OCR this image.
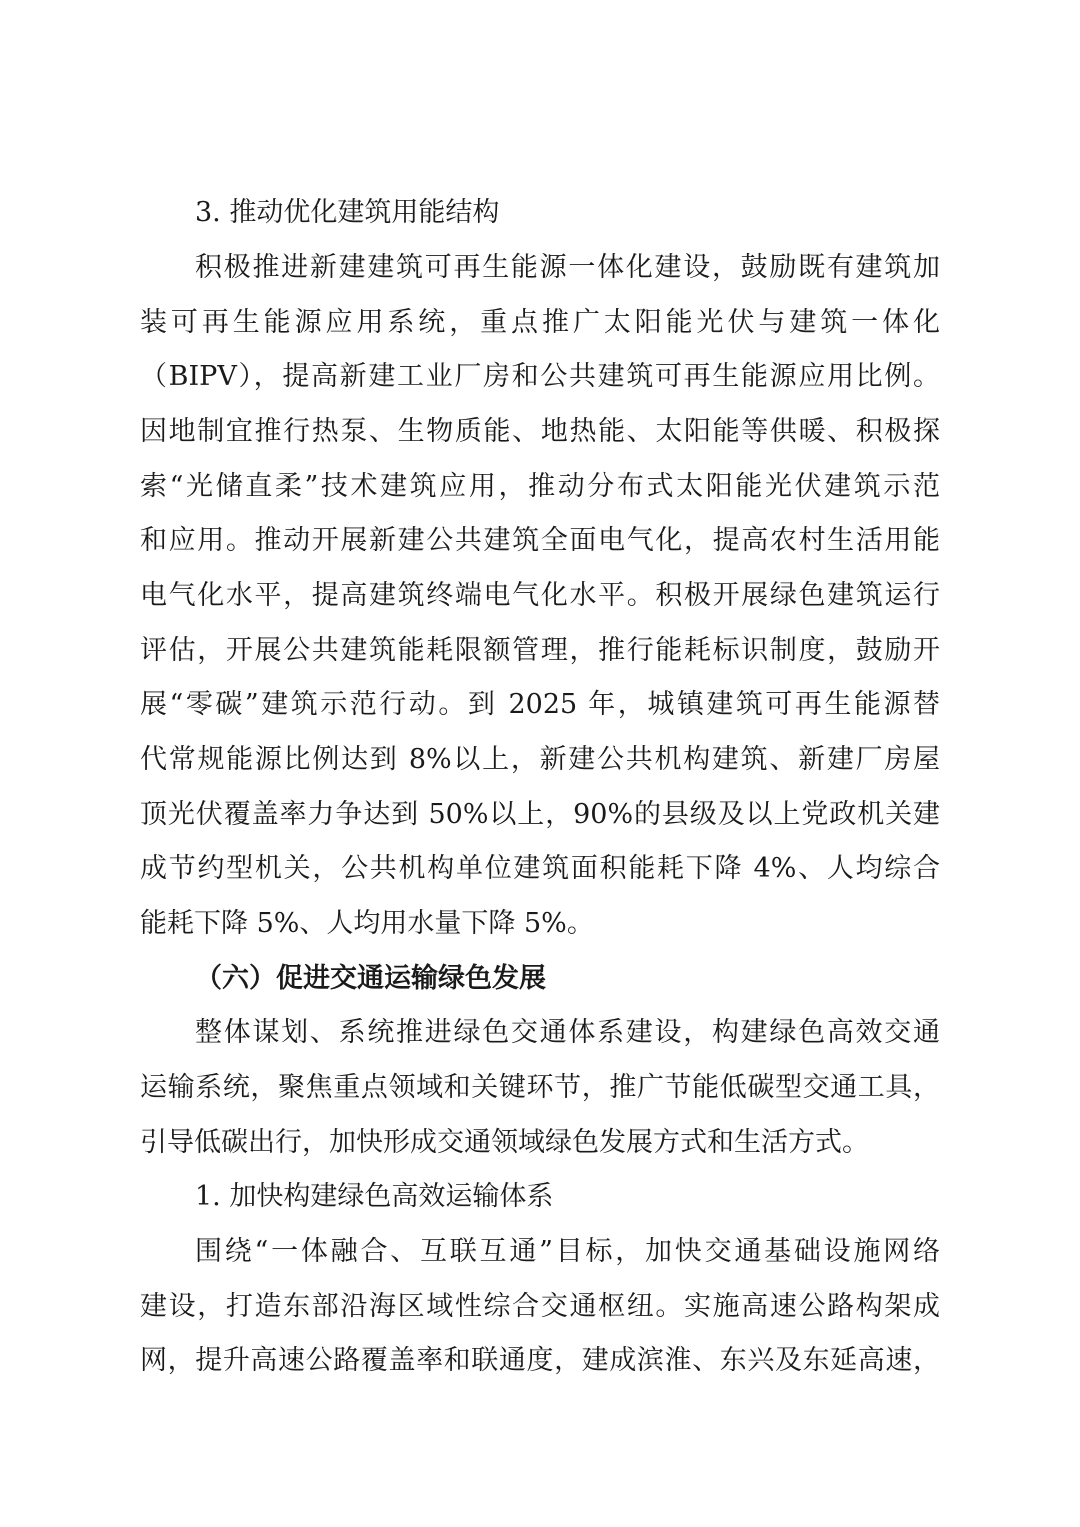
3. 推动优化建筑用能结构

积极推进新建建筑可再生能源一体化建设，鼓励既有建筑加

装可再生能源应用系统，重点推广太阳能光伏与建筑一体化

（BIPV），提高新建工业厂房和公共建筑可再生能源应用比例。

因地制宜推行热泵、生物质能、地热能、太阳能等供暖、积极探

索“光储直柔”技术建筑应用，推动分布式太阳能光伏建筑示范

和应用。推动开展新建公共建筑全面电气化，提高农村生活用能

电气化水平，提高建筑终端电气化水平。积极开展绿色建筑运行

评估，开展公共建筑能耗限额管理，推行能耗标识制度，鼓励开

展“零碳”建筑示范行动。到 2025 年，城镇建筑可再生能源替

代常规能源比例达到 8%以上，新建公共机构建筑、新建厂房屋

顶光伏覆盖率力争达到 50%以上，90%的县级及以上党政机关建

成节约型机关，公共机构单位建筑面积能耗下降 4%、人均综合

能耗下降 5%、人均用水量下降 5%。

（六）促进交通运输绿色发展

整体谋划、系统推进绿色交通体系建设，构建绿色高效交通

运输系统，聚焦重点领域和关键环节，推广节能低碳型交通工具，

引导低碳出行，加快形成交通领域绿色发展方式和生活方式。

1. 加快构建绿色高效运输体系

围绕“一体融合、互联互通”目标，加快交通基础设施网络

建设，打造东部沿海区域性综合交通枢纽。实施高速公路构架成

网，提升高速公路覆盖率和联通度，建成滨淮、东兴及东延高速，
